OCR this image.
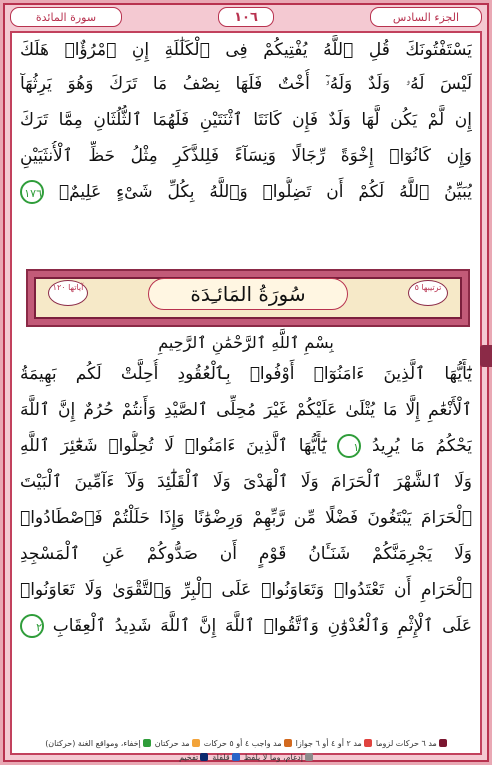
سورة المائدة	١٠٦	الجزء السادس
يَسْتَفْتُونَكَ قُلِ ٱللَّهُ يُفْتِيكُمْ فِى ٱلْكَلَٰلَةِ إِنِ ٱمْرُؤٌا۟ هَلَكَ
لَيْسَ لَهُۥ وَلَدٌ وَلَهُۥٓ أُخْتٌ فَلَهَا نِصْفُ مَا تَرَكَ وَهُوَ يَرِثُهَآ
إِن لَّمْ يَكُن لَّهَا وَلَدٌ فَإِن كَانَتَا ٱثْنَتَيْنِ فَلَهُمَا ٱلثُّلُثَانِ مِمَّا تَرَكَ
وَإِن كَانُوٓا۟ إِخْوَةً رِّجَالًا وَنِسَآءً فَلِلذَّكَرِ مِثْلُ حَظِّ ٱلْأُنثَيَيْنِ
يُبَيِّنُ ٱللَّهُ لَكُمْ أَن تَضِلُّوا۟ وَٱللَّهُ بِكُلِّ شَىْءٍ عَلِيمٌۢ ١٧٦
آياتها ١٢٠	سُورَةُ المَائـِدَة	ترتيبها ٥
بِسْمِ ٱللَّهِ ٱلرَّحْمَٰنِ ٱلرَّحِيمِ
يَٰٓأَيُّهَا ٱلَّذِينَ ءَامَنُوٓا۟ أَوْفُوا۟ بِٱلْعُقُودِ أُحِلَّتْ لَكُم بَهِيمَةُ
ٱلْأَنْعَٰمِ إِلَّا مَا يُتْلَىٰ عَلَيْكُمْ غَيْرَ مُحِلِّى ٱلصَّيْدِ وَأَنتُمْ حُرُمٌ إِنَّ ٱللَّهَ
يَحْكُمُ مَا يُرِيدُ ١ يَٰٓأَيُّهَا ٱلَّذِينَ ءَامَنُوا۟ لَا تُحِلُّوا۟ شَعَٰٓئِرَ ٱللَّهِ
وَلَا ٱلشَّهْرَ ٱلْحَرَامَ وَلَا ٱلْهَدْىَ وَلَا ٱلْقَلَٰٓئِدَ وَلَآ ءَآمِّينَ ٱلْبَيْتَ
ٱلْحَرَامَ يَبْتَغُونَ فَضْلًا مِّن رَّبِّهِمْ وَرِضْوَٰنًا وَإِذَا حَلَلْتُمْ فَٱصْطَادُوا۟
وَلَا يَجْرِمَنَّكُمْ شَنَـَٔانُ قَوْمٍ أَن صَدُّوكُمْ عَنِ ٱلْمَسْجِدِ
ٱلْحَرَامِ أَن تَعْتَدُوا۟ وَتَعَاوَنُوا۟ عَلَى ٱلْبِرِّ وَٱلتَّقْوَىٰ وَلَا تَعَاوَنُوا۟
عَلَى ٱلْإِثْمِ وَٱلْعُدْوَٰنِ وَٱتَّقُوا۟ ٱللَّهَ إِنَّ ٱللَّهَ شَدِيدُ ٱلْعِقَابِ ٢
مد ٦ حركات لزوما
مد ٢ أو ٤ أو ٦ جوازا
مد واجب ٤ أو ٥ حركات
مد حركتان
إخفاء، ومواقع الغنة (حركتان)
إدغام، وما لا يلفظ
قلقلة
تفخيم
